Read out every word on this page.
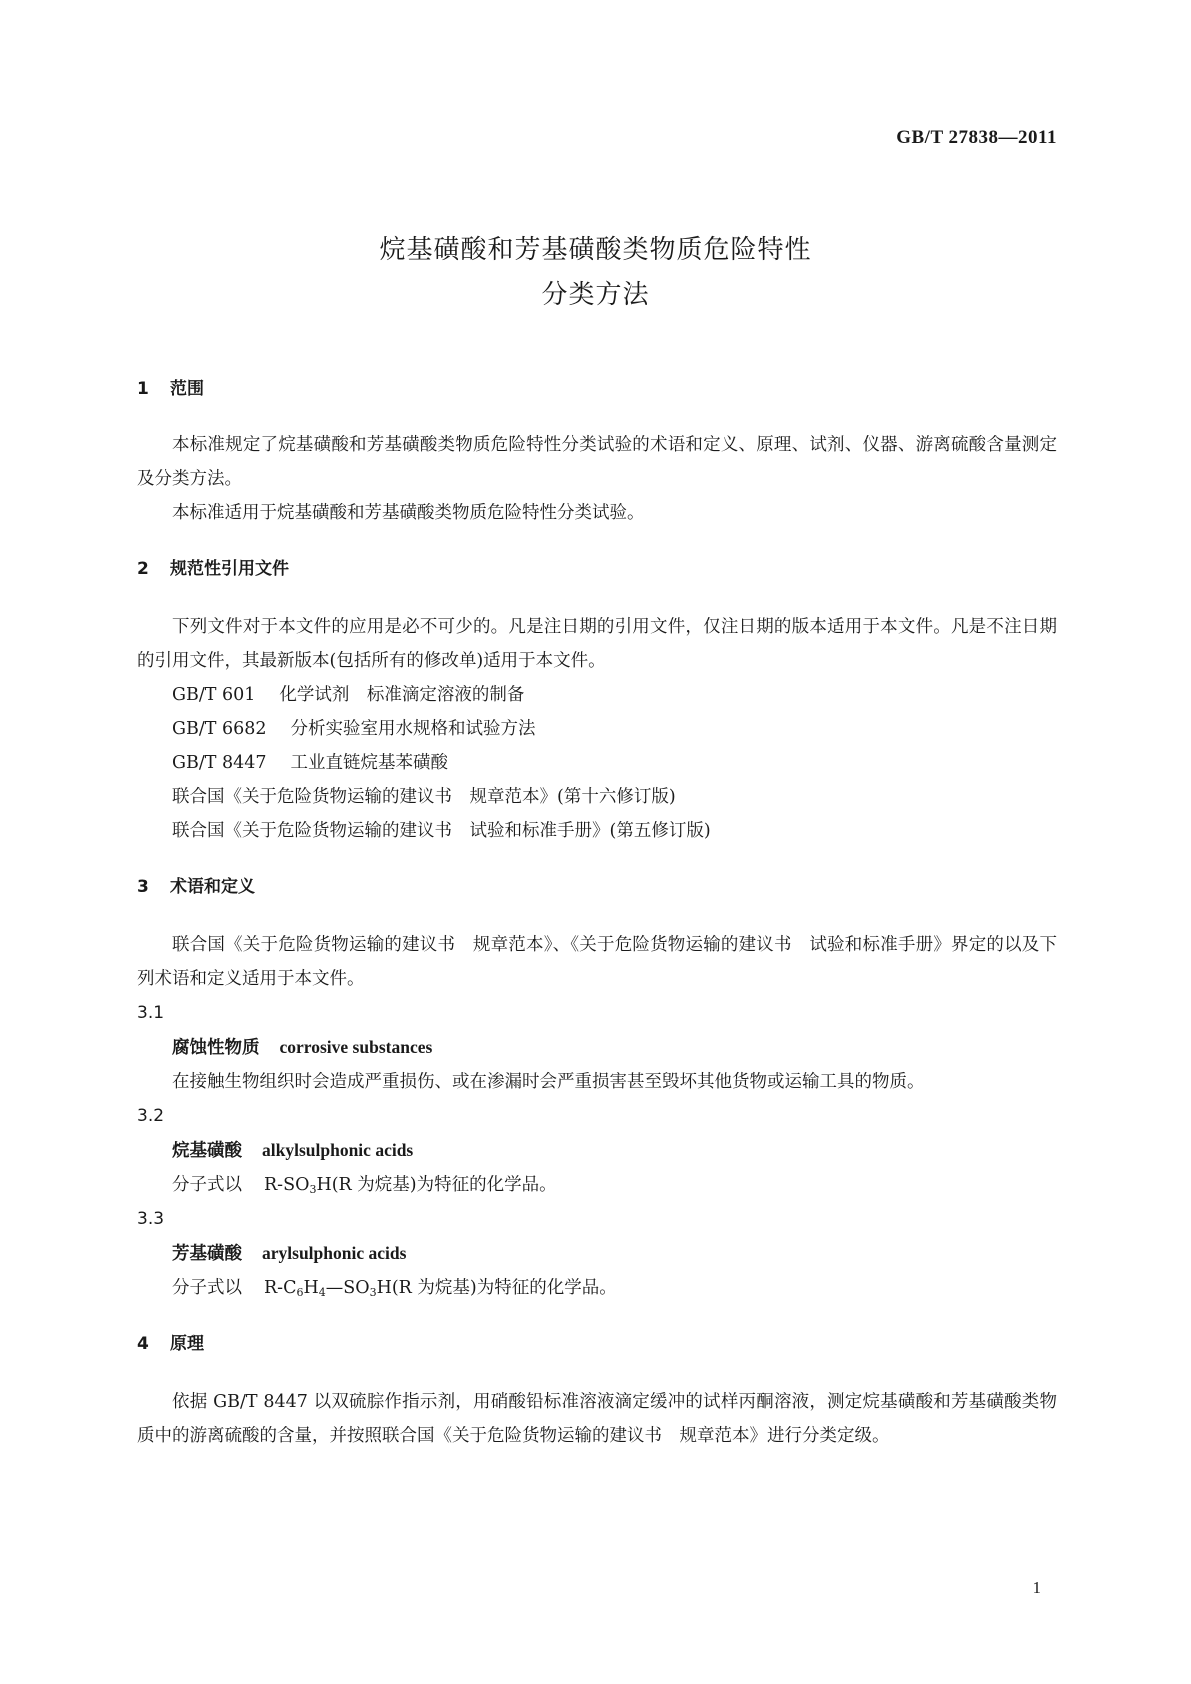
GB/T 27838—2011
烷基磺酸和芳基磺酸类物质危险特性
分类方法
1 范围
本标准规定了烷基磺酸和芳基磺酸类物质危险特性分类试验的术语和定义、原理、试剂、仪器、游离硫酸含量测定及分类方法。
本标准适用于烷基磺酸和芳基磺酸类物质危险特性分类试验。
2 规范性引用文件
下列文件对于本文件的应用是必不可少的。凡是注日期的引用文件，仅注日期的版本适用于本文件。凡是不注日期的引用文件，其最新版本(包括所有的修改单)适用于本文件。
GB/T 601 化学试剂　标准滴定溶液的制备
GB/T 6682 分析实验室用水规格和试验方法
GB/T 8447 工业直链烷基苯磺酸
联合国《关于危险货物运输的建议书　规章范本》(第十六修订版)
联合国《关于危险货物运输的建议书　试验和标准手册》(第五修订版)
3 术语和定义
联合国《关于危险货物运输的建议书　规章范本》、《关于危险货物运输的建议书　试验和标准手册》界定的以及下列术语和定义适用于本文件。
3.1
腐蚀性物质 corrosive substances
在接触生物组织时会造成严重损伤、或在渗漏时会严重损害甚至毁坏其他货物或运输工具的物质。
3.2
烷基磺酸 alkylsulphonic acids
分子式以 $R-SO_3H(R$ 为烷基)为特征的化学品。
3.3
芳基磺酸 arylsulphonic acids
分子式以 $R-C_6H_4—SO_3H(R$ 为烷基)为特征的化学品。
4 原理
依据 GB/T 8447 以双硫腙作指示剂，用硝酸铅标准溶液滴定缓冲的试样丙酮溶液，测定烷基磺酸和芳基磺酸类物质中的游离硫酸的含量，并按照联合国《关于危险货物运输的建议书　规章范本》进行分类定级。
1
